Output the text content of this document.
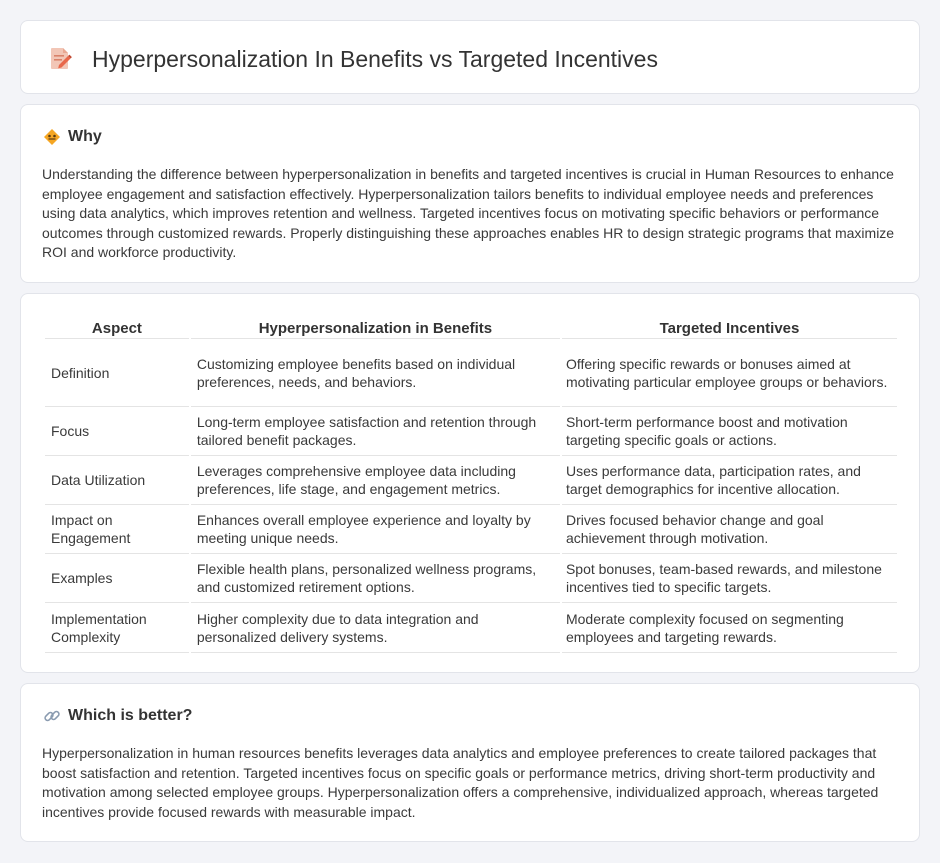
Hyperpersonalization In Benefits vs Targeted Incentives
Why

Understanding the difference between hyperpersonalization in benefits and targeted incentives is crucial in Human Resources to enhance employee engagement and satisfaction effectively. Hyperpersonalization tailors benefits to individual employee needs and preferences using data analytics, which improves retention and wellness. Targeted incentives focus on motivating specific behaviors or performance outcomes through customized rewards. Properly distinguishing these approaches enables HR to design strategic programs that maximize ROI and workforce productivity.

Aspect	Hyperpersonalization in Benefits	Targeted Incentives
Definition	Customizing employee benefits based on individual preferences, needs, and behaviors.	Offering specific rewards or bonuses aimed at motivating particular employee groups or behaviors.
Focus	Long-term employee satisfaction and retention through tailored benefit packages.	Short-term performance boost and motivation targeting specific goals or actions.
Data Utilization	Leverages comprehensive employee data including preferences, life stage, and engagement metrics.	Uses performance data, participation rates, and target demographics for incentive allocation.
Impact on Engagement	Enhances overall employee experience and loyalty by meeting unique needs.	Drives focused behavior change and goal achievement through motivation.
Examples	Flexible health plans, personalized wellness programs, and customized retirement options.	Spot bonuses, team-based rewards, and milestone incentives tied to specific targets.
Implementation Complexity	Higher complexity due to data integration and personalized delivery systems.	Moderate complexity focused on segmenting employees and targeting rewards.
Which is better?

Hyperpersonalization in human resources benefits leverages data analytics and employee preferences to create tailored packages that boost satisfaction and retention. Targeted incentives focus on specific goals or performance metrics, driving short-term productivity and motivation among selected employee groups. Hyperpersonalization offers a comprehensive, individualized approach, whereas targeted incentives provide focused rewards with measurable impact.
